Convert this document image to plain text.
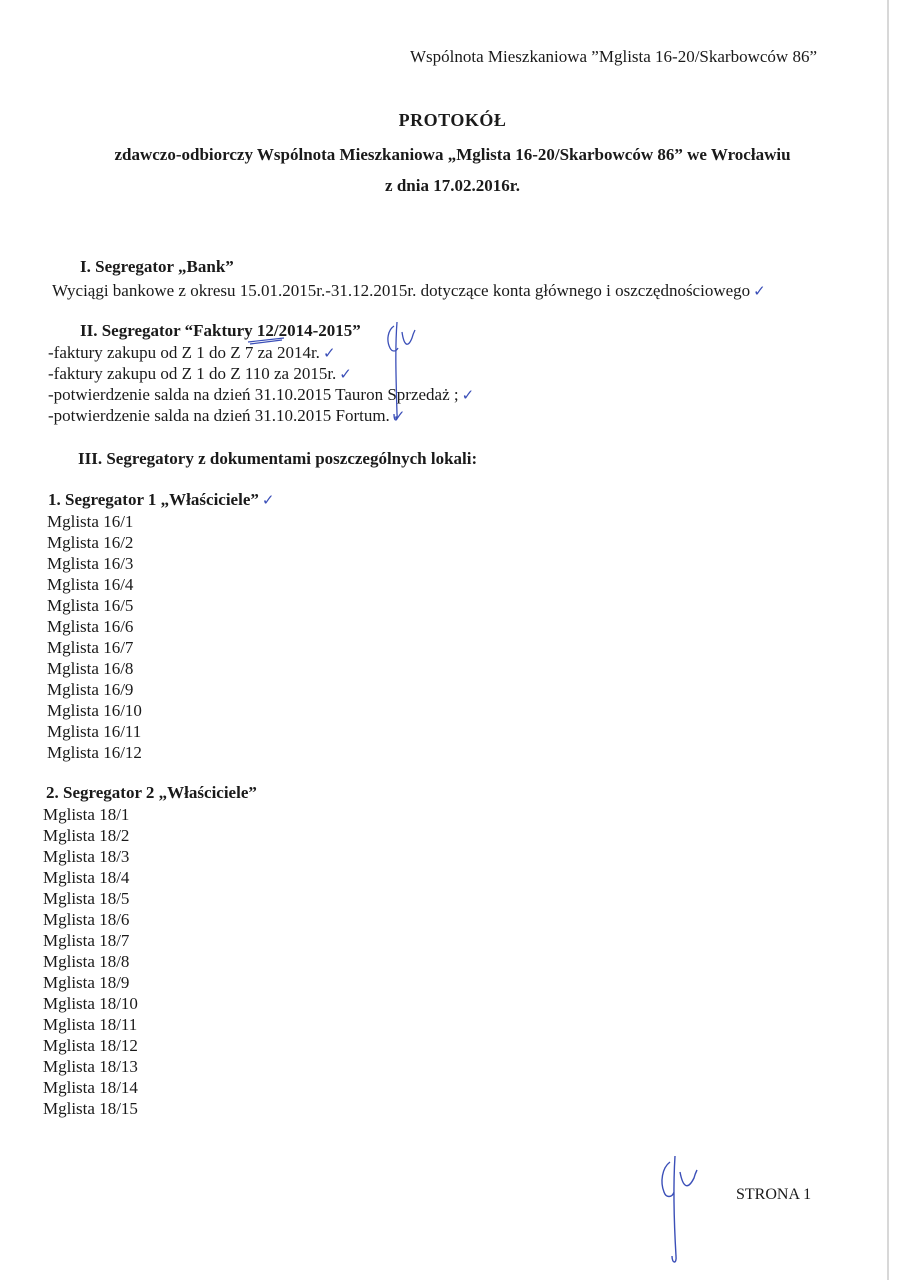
Wspólnota Mieszkaniowa ”Mglista 16-20/Skarbowców 86”
PROTOKÓŁ
zdawczo-odbiorczy Wspólnota Mieszkaniowa „Mglista 16-20/Skarbowców 86” we Wrocławiu
z dnia 17.02.2016r.
I. Segregator „Bank”
Wyciągi bankowe z okresu 15.01.2015r.-31.12.2015r. dotyczące konta głównego i oszczędnościowego ✓
II. Segregator “Faktury 12/2014-2015”
-faktury zakupu od Z 1 do Z 7 za 2014r. ✓
-faktury zakupu od Z 1 do Z 110 za 2015r. ✓
-potwierdzenie salda na dzień 31.10.2015 Tauron Sprzedaż ; ✓
-potwierdzenie salda na dzień 31.10.2015 Fortum. ✓
III. Segregatory z dokumentami poszczególnych lokali:
1. Segregator 1 „Właściciele” ✓
Mglista 16/1
Mglista 16/2
Mglista 16/3
Mglista 16/4
Mglista 16/5
Mglista 16/6
Mglista 16/7
Mglista 16/8
Mglista 16/9
Mglista 16/10
Mglista 16/11
Mglista 16/12
2. Segregator 2 „Właściciele”
Mglista 18/1
Mglista 18/2
Mglista 18/3
Mglista 18/4
Mglista 18/5
Mglista 18/6
Mglista 18/7
Mglista 18/8
Mglista 18/9
Mglista 18/10
Mglista 18/11
Mglista 18/12
Mglista 18/13
Mglista 18/14
Mglista 18/15
STRONA 1
